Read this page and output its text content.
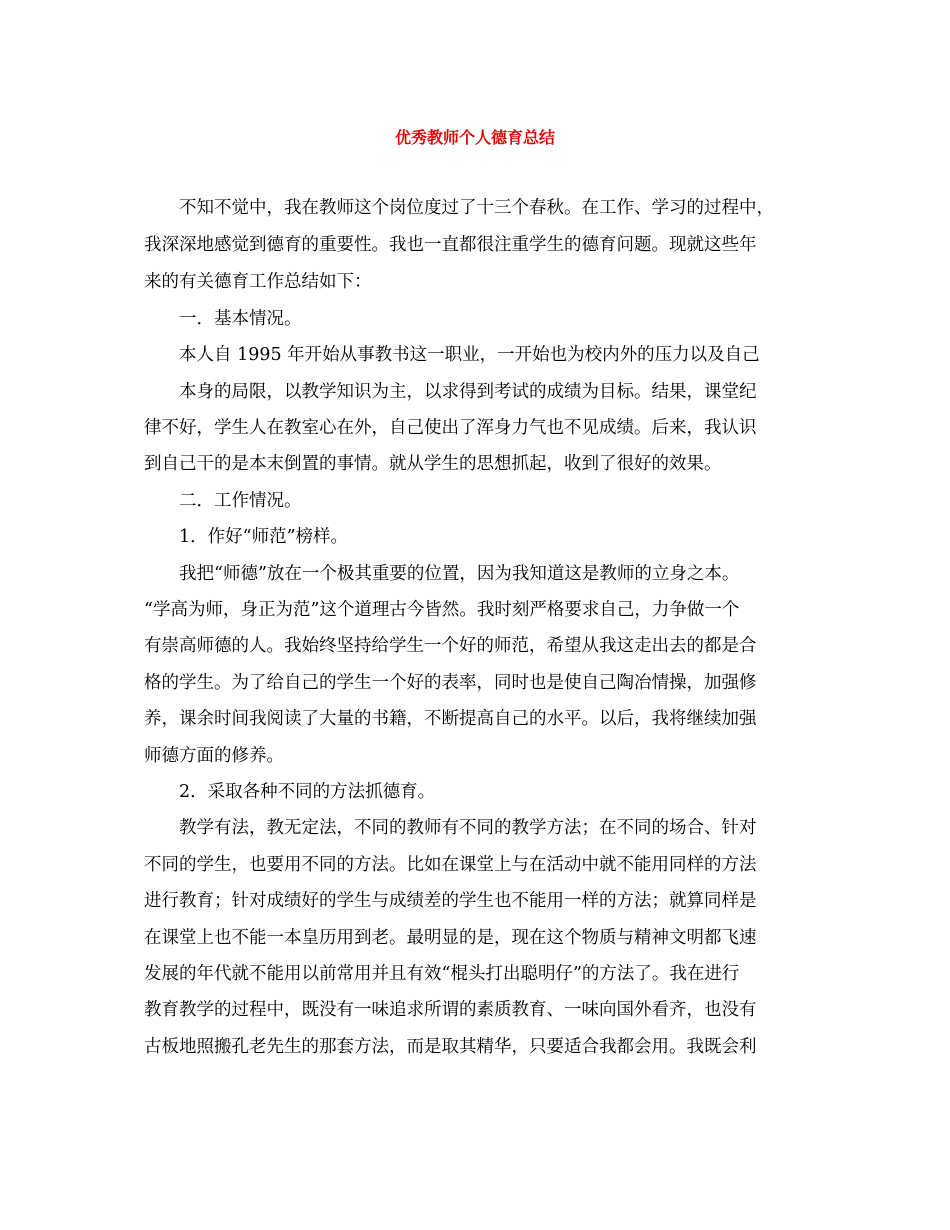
优秀教师个人德育总结
不知不觉中，我在教师这个岗位度过了十三个春秋。在工作、学习的过程中，
我深深地感觉到德育的重要性。我也一直都很注重学生的德育问题。现就这些年
来的有关德育工作总结如下：
一．基本情况。
本人自 1995 年开始从事教书这一职业，一开始也为校内外的压力以及自己
本身的局限，以教学知识为主，以求得到考试的成绩为目标。结果，课堂纪
律不好，学生人在教室心在外，自己使出了浑身力气也不见成绩。后来，我认识
到自己干的是本末倒置的事情。就从学生的思想抓起，收到了很好的效果。
二．工作情况。
1．作好“师范”榜样。
我把“师德”放在一个极其重要的位置，因为我知道这是教师的立身之本。
“学高为师，身正为范”这个道理古今皆然。我时刻严格要求自己，力争做一个
有崇高师德的人。我始终坚持给学生一个好的师范，希望从我这走出去的都是合
格的学生。为了给自己的学生一个好的表率，同时也是使自己陶冶情操，加强修
养，课余时间我阅读了大量的书籍，不断提高自己的水平。以后，我将继续加强
师德方面的修养。
2．采取各种不同的方法抓德育。
教学有法，教无定法，不同的教师有不同的教学方法；在不同的场合、针对
不同的学生，也要用不同的方法。比如在课堂上与在活动中就不能用同样的方法
进行教育；针对成绩好的学生与成绩差的学生也不能用一样的方法；就算同样是
在课堂上也不能一本皇历用到老。最明显的是，现在这个物质与精神文明都飞速
发展的年代就不能用以前常用并且有效“棍头打出聪明仔”的方法了。我在进行
教育教学的过程中，既没有一味追求所谓的素质教育、一味向国外看齐，也没有
古板地照搬孔老先生的那套方法，而是取其精华，只要适合我都会用。我既会利
